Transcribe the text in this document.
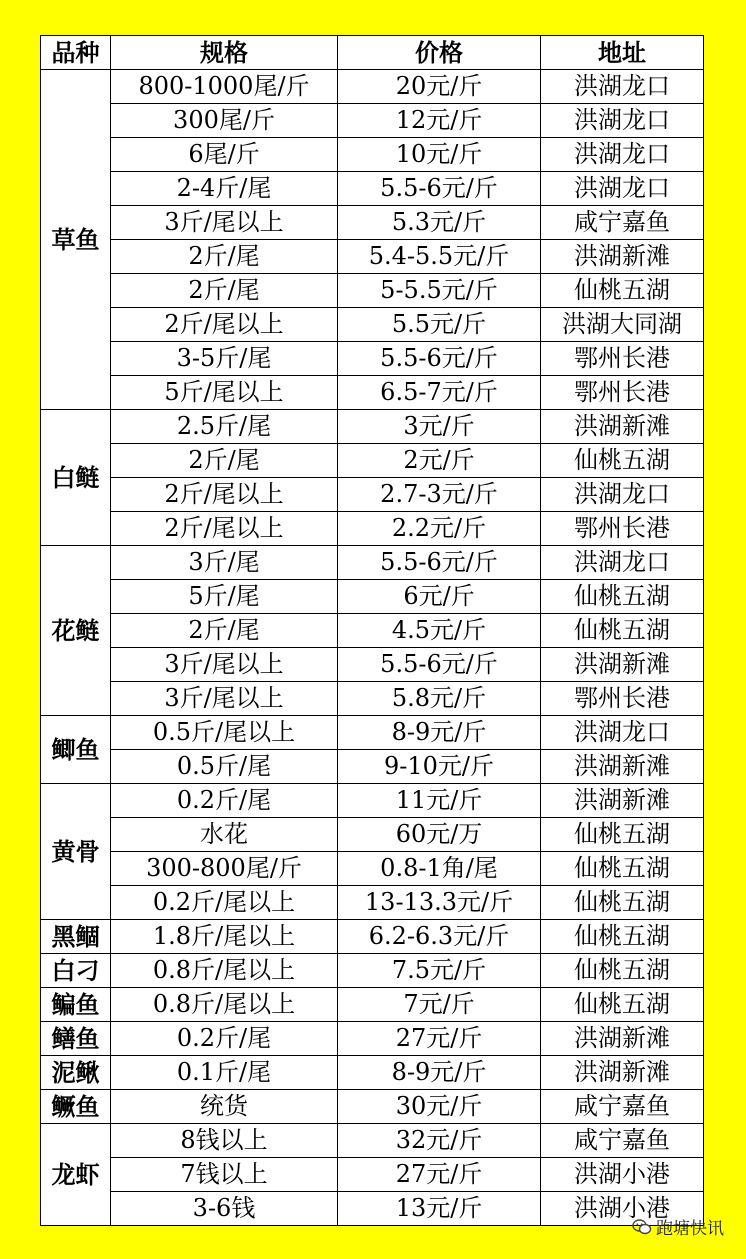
品种	规格	价格	地址
草鱼	800-1000尾/斤	20元/斤	洪湖龙口
	300尾/斤	12元/斤	洪湖龙口
	6尾/斤	10元/斤	洪湖龙口
	2-4斤/尾	5.5-6元/斤	洪湖龙口
	3斤/尾以上	5.3元/斤	咸宁嘉鱼
	2斤/尾	5.4-5.5元/斤	洪湖新滩
	2斤/尾	5-5.5元/斤	仙桃五湖
	2斤/尾以上	5.5元/斤	洪湖大同湖
	3-5斤/尾	5.5-6元/斤	鄂州长港
	5斤/尾以上	6.5-7元/斤	鄂州长港
白鲢	2.5斤/尾	3元/斤	洪湖新滩
	2斤/尾	2元/斤	仙桃五湖
	2斤/尾以上	2.7-3元/斤	洪湖龙口
	2斤/尾以上	2.2元/斤	鄂州长港
花鲢	3斤/尾	5.5-6元/斤	洪湖龙口
	5斤/尾	6元/斤	仙桃五湖
	2斤/尾	4.5元/斤	仙桃五湖
	3斤/尾以上	5.5-6元/斤	洪湖新滩
	3斤/尾以上	5.8元/斤	鄂州长港
鲫鱼	0.5斤/尾以上	8-9元/斤	洪湖龙口
	0.5斤/尾	9-10元/斤	洪湖新滩
黄骨	0.2斤/尾	11元/斤	洪湖新滩
	水花	60元/万	仙桃五湖
	300-800尾/斤	0.8-1角/尾	仙桃五湖
	0.2斤/尾以上	13-13.3元/斤	仙桃五湖
黑鲴	1.8斤/尾以上	6.2-6.3元/斤	仙桃五湖
白刁	0.8斤/尾以上	7.5元/斤	仙桃五湖
鳊鱼	0.8斤/尾以上	7元/斤	仙桃五湖
鳝鱼	0.2斤/尾	27元/斤	洪湖新滩
泥鳅	0.1斤/尾	8-9元/斤	洪湖新滩
鳜鱼	统货	30元/斤	咸宁嘉鱼
龙虾	8钱以上	32元/斤	咸宁嘉鱼
	7钱以上	27元/斤	洪湖小港
	3-6钱	13元/斤	洪湖小港
跑塘快讯
